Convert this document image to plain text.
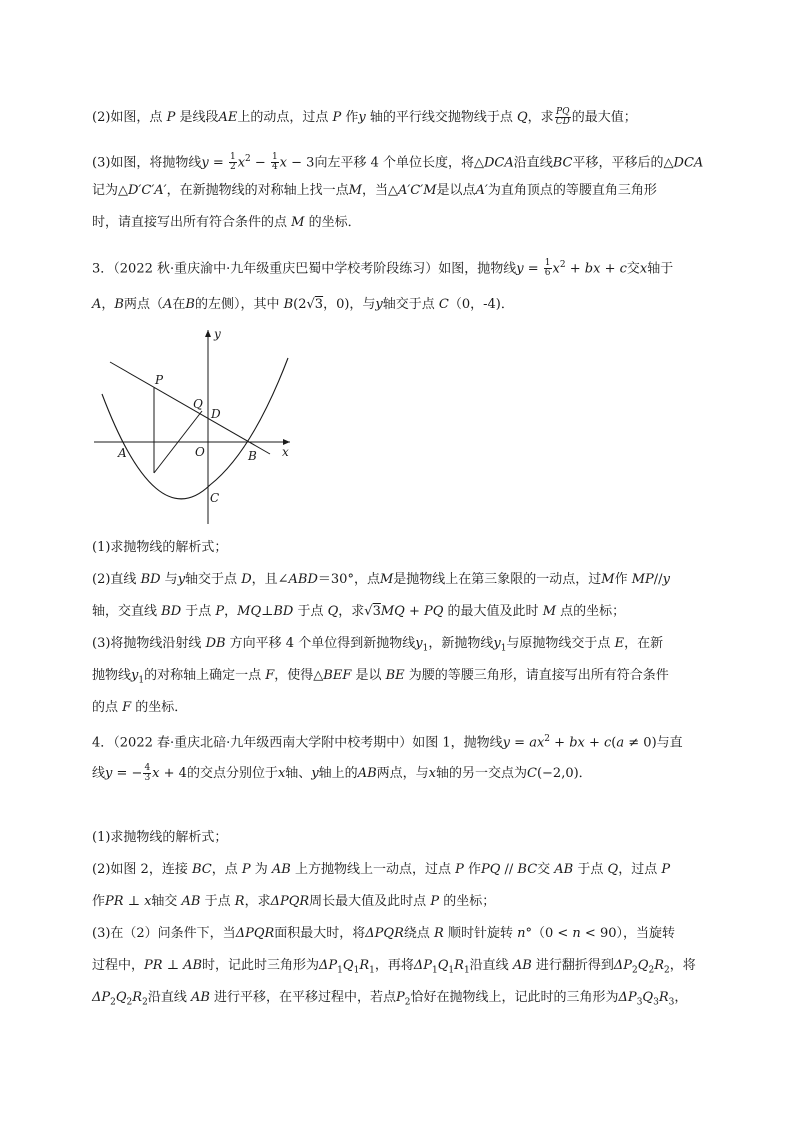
(2)如图，点 P 是线段AE上的动点，过点 P 作y 轴的平行线交抛物线于点 Q，求 $\frac{PQ}{CD}$ 的最大值；
(3)如图，将抛物线$y = \frac{1}{2} x^2 - \frac{1}{4}$ x − 3向左平移 4 个单位长度，将△DCA沿直线BC平移，平移后的△DCA
记为△D′C′A′，在新抛物线的对称轴上找一点M，当△A′C′M是以点A′为直角顶点的等腰直角三角形
时，请直接写出所有符合条件的点 M 的坐标．
3．（2022 秋·重庆渝中·九年级重庆巴蜀中学校考阶段练习）如图，抛物线$y = \frac{1}{6} x^2$ + bx + c交x轴于
A，B两点（A在B的左侧），其中 B(2√3，0)，与y轴交于点 C（0，-4)．
y
x
P
Q
D
A	O	B
C
(1)求抛物线的解析式；
(2)直线 BD 与y轴交于点 D，且∠ABD＝30°，点M是抛物线上在第三象限的一动点，过M作 MP//y
轴，交直线 BD 于点 P，MQ⊥BD 于点 Q，求√3MQ + PQ 的最大值及此时 M 点的坐标；
(3)将抛物线沿射线 DB 方向平移 4 个单位得到新抛物线$y_1$，新抛物线$y_1$与原抛物线交于点 E，在新
抛物线$y_1$的对称轴上确定一点 F，使得△BEF 是以 BE 为腰的等腰三角形，请直接写出所有符合条件
的点 F 的坐标．
4．（2022 春·重庆北碚·九年级西南大学附中校考期中）如图 1，抛物线$y = ax^2$ + bx + c(a ≠ 0)与直
线y = − $\frac{4}{3}$ x + 4的交点分别位于x轴、y轴上的AB两点，与x轴的另一交点为C(−2,0)．
(1)求抛物线的解析式；
(2)如图 2，连接 BC，点 P 为 AB 上方抛物线上一动点，过点 P 作PQ // BC交 AB 于点 Q，过点 P
作PR ⊥ x轴交 AB 于点 R，求ΔPQR周长最大值及此时点 P 的坐标；
(3)在（2）问条件下，当ΔPQR面积最大时，将ΔPQR绕点 R 顺时针旋转 n°（0 < n < 90），当旋转
过程中，PR ⊥ AB时，记此时三角形为$\Delta P_1Q_1R_1$，再将$\Delta P_1Q_1R_1$沿直线 AB 进行翻折得到$\Delta P_2Q_2R_2$，将
$\Delta P_2Q_2R_2$沿直线 AB 进行平移，在平移过程中，若点$P_2$恰好在抛物线上，记此时的三角形为$\Delta P_3Q_3R_3$，
